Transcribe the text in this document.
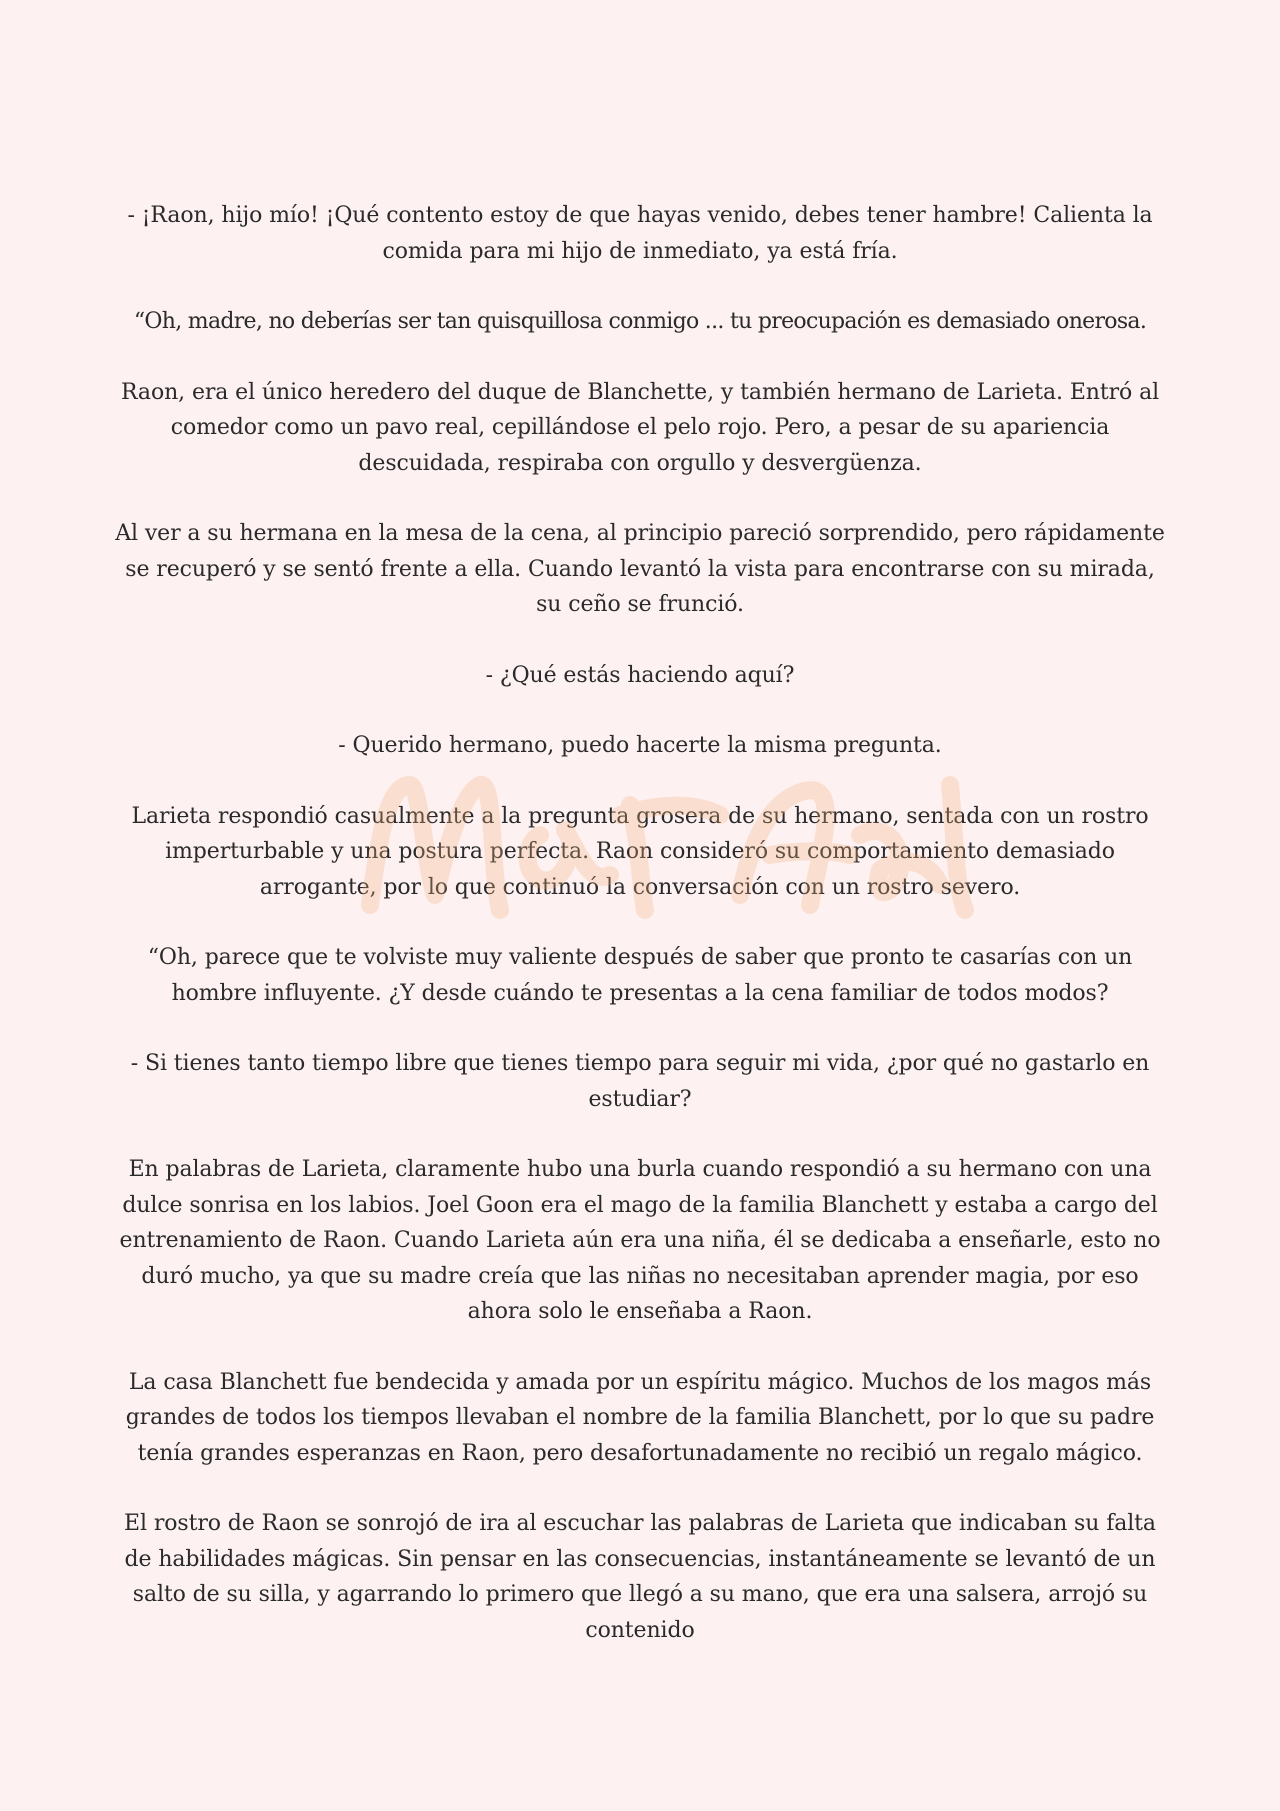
- ¡Raon, hijo mío! ¡Qué contento estoy de que hayas venido, debes tener hambre! Calienta la comida para mi hijo de inmediato, ya está fría.

“Oh, madre, no deberías ser tan quisquillosa conmigo ... tu preocupación es demasiado onerosa.

Raon, era el único heredero del duque de Blanchette, y también hermano de Larieta. Entró al comedor como un pavo real, cepillándose el pelo rojo. Pero, a pesar de su apariencia descuidada, respiraba con orgullo y desvergüenza.

Al ver a su hermana en la mesa de la cena, al principio pareció sorprendido, pero rápidamente se recuperó y se sentó frente a ella. Cuando levantó la vista para encontrarse con su mirada, su ceño se frunció.

- ¿Qué estás haciendo aquí?

- Querido hermano, puedo hacerte la misma pregunta.

Larieta respondió casualmente a la pregunta grosera de su hermano, sentada con un rostro imperturbable y una postura perfecta. Raon consideró su comportamiento demasiado arrogante, por lo que continuó la conversación con un rostro severo.

“Oh, parece que te volviste muy valiente después de saber que pronto te casarías con un hombre influyente. ¿Y desde cuándo te presentas a la cena familiar de todos modos?

- Si tienes tanto tiempo libre que tienes tiempo para seguir mi vida, ¿por qué no gastarlo en estudiar?

En palabras de Larieta, claramente hubo una burla cuando respondió a su hermano con una dulce sonrisa en los labios. Joel Goon era el mago de la familia Blanchett y estaba a cargo del entrenamiento de Raon. Cuando Larieta aún era una niña, él se dedicaba a enseñarle, esto no duró mucho, ya que su madre creía que las niñas no necesitaban aprender magia, por eso ahora solo le enseñaba a Raon.

La casa Blanchett fue bendecida y amada por un espíritu mágico. Muchos de los magos más grandes de todos los tiempos llevaban el nombre de la familia Blanchett, por lo que su padre tenía grandes esperanzas en Raon, pero desafortunadamente no recibió un regalo mágico.

El rostro de Raon se sonrojó de ira al escuchar las palabras de Larieta que indicaban su falta de habilidades mágicas. Sin pensar en las consecuencias, instantáneamente se levantó de un salto de su silla, y agarrando lo primero que llegó a su mano, que era una salsera, arrojó su contenido
